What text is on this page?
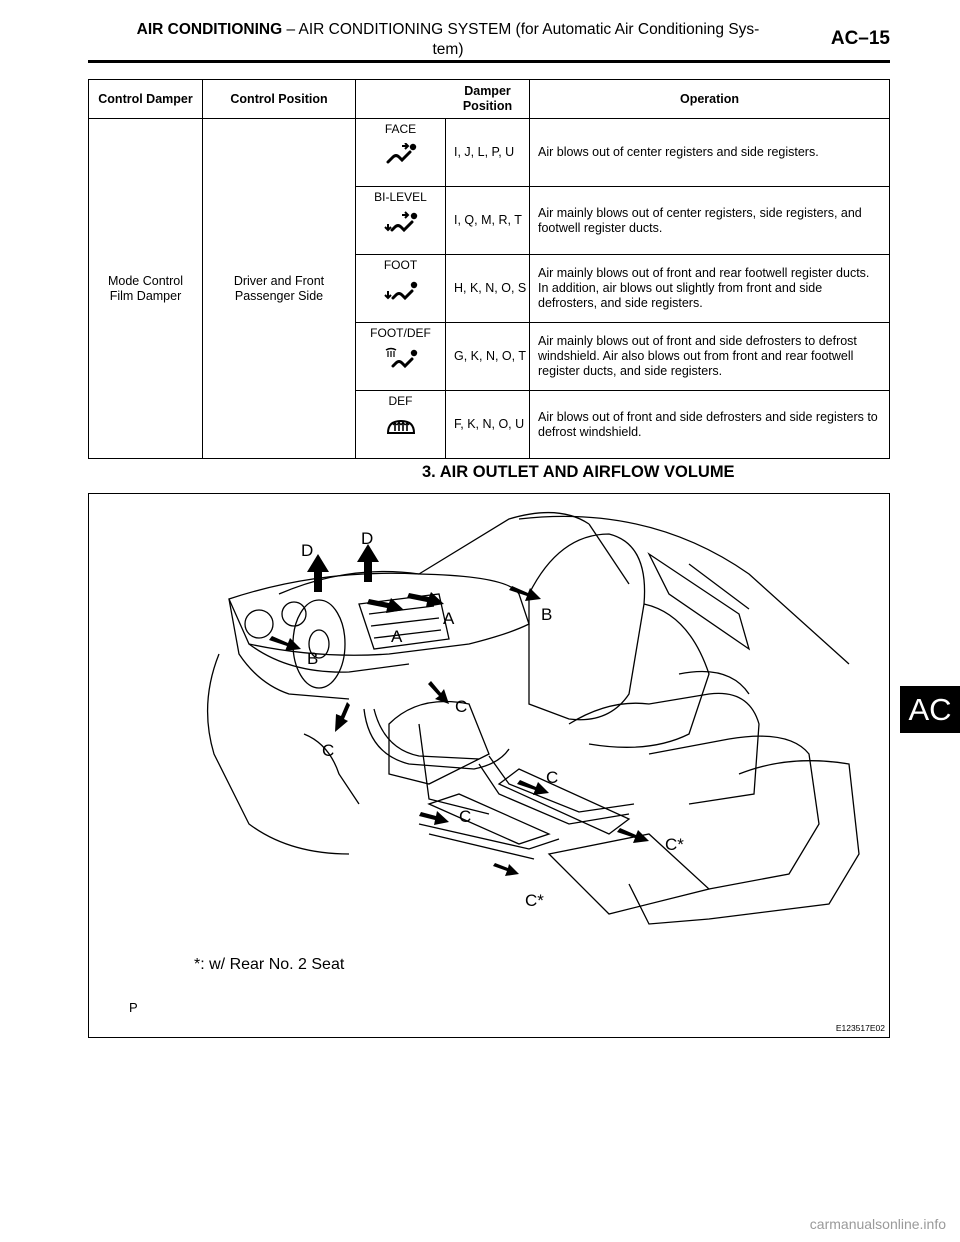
AIR CONDITIONING – AIR CONDITIONING SYSTEM (for Automatic Air Conditioning Sys-
tem)
AC–15
Control Damper	Control Position	Damper Position		Operation
Mode Control Film Damper	Driver and Front Passenger Side	FACE	I, J, L, P, U	Air blows out of center registers and side registers.

		BI-LEVEL	I, Q, M, R, T	Air mainly blows out of center registers, side registers, and footwell register ducts.

		FOOT	H, K, N, O, S	Air mainly blows out of front and rear footwell register ducts. In addition, air blows out slightly from front and side defrosters, and side registers.

		FOOT/DEF	G, K, N, O, T	Air mainly blows out of front and side defrosters to defrost windshield. Air also blows out from front and rear footwell register ducts, and side registers.

		DEF	F, K, N, O, U	Air blows out of front and side defrosters and side registers to defrost windshield.
3. AIR OUTLET AND AIRFLOW VOLUME
D
D
A
A
B
B
C
C
C
C
C*
C*
*: w/ Rear No. 2 Seat
P
E123517E02
AC
carmanualsonline.info
